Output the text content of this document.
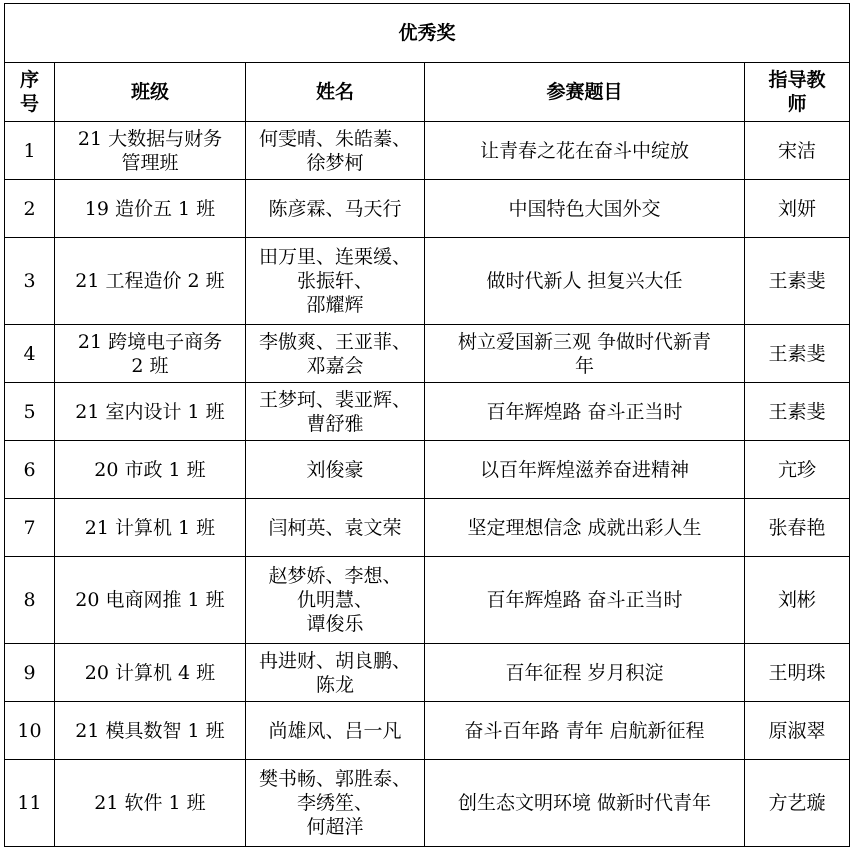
优秀奖				

序
号	班级	姓名	参赛题目	指导教
师

1	21 大数据与财务
管理班	何雯晴、朱皓蓁、
徐梦柯	让青春之花在奋斗中绽放	宋洁
2	19 造价五 1 班	陈彦霖、马天行	中国特色大国外交	刘妍
3	21 工程造价 2 班	田万里、连栗缓、
张振轩、
邵耀辉	做时代新人 担复兴大任	王素斐
4	21 跨境电子商务
2 班	李傲爽、王亚菲、
邓嘉会	树立爱国新三观 争做时代新青
年	王素斐
5	21 室内设计 1 班	王梦珂、裴亚辉、
曹舒雅	百年辉煌路 奋斗正当时	王素斐
6	20 市政 1 班	刘俊豪	以百年辉煌滋养奋进精神	亢珍
7	21 计算机 1 班	闫柯英、袁文荣	坚定理想信念 成就出彩人生	张春艳
8	20 电商网推 1 班	赵梦娇、李想、
仇明慧、
谭俊乐	百年辉煌路 奋斗正当时	刘彬
9	20 计算机 4 班	冉进财、胡良鹏、
陈龙	百年征程 岁月积淀	王明珠
10	21 模具数智 1 班	尚雄风、吕一凡	奋斗百年路 青年 启航新征程	原淑翠
11	21 软件 1 班	樊书畅、郭胜泰、
李绣笙、
何超洋	创生态文明环境 做新时代青年	方艺璇
